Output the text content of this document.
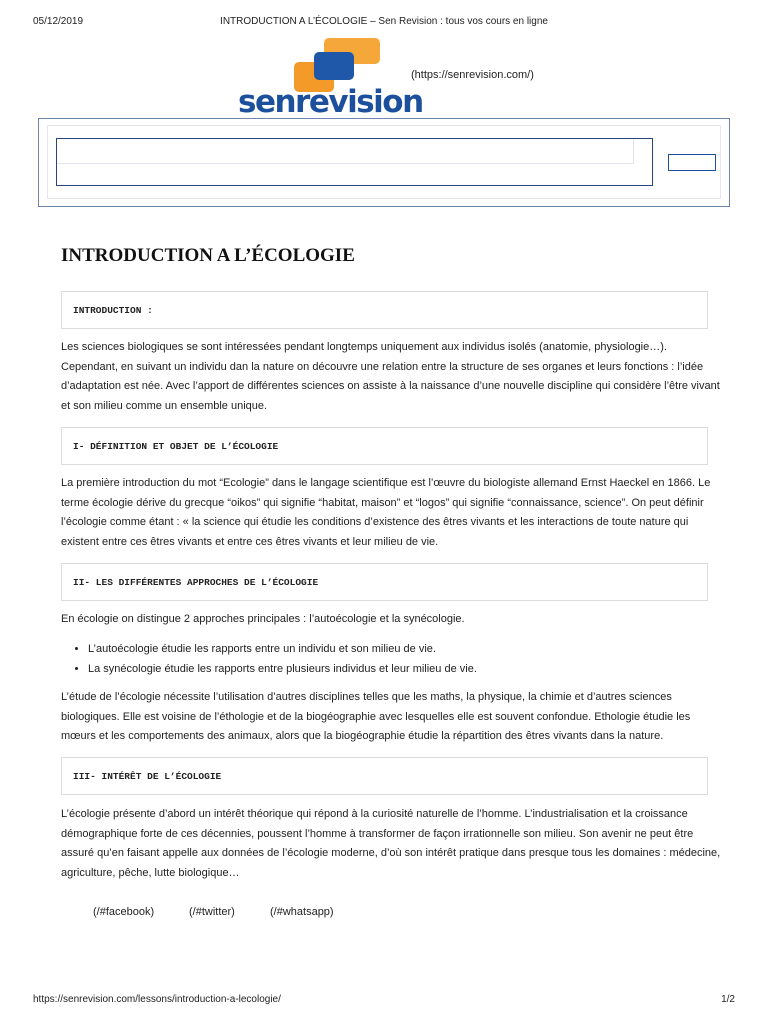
05/12/2019	INTRODUCTION A L’ÉCOLOGIE – Sen Revision : tous vos cours en ligne
senrevision
(https://senrevision.com/)
INTRODUCTION A L’ÉCOLOGIE
INTRODUCTION :

Les sciences biologiques se sont intéressées pendant longtemps uniquement aux individus isolés (anatomie, physiologie…). Cependant, en suivant un individu dan la nature on découvre une relation entre la structure de ses organes et leurs fonctions : l’idée d’adaptation est née. Avec l’apport de différentes sciences on assiste à la naissance d’une nouvelle discipline qui considère l’être vivant et son milieu comme un ensemble unique.

I- DÉFINITION ET OBJET DE L’ÉCOLOGIE

La première introduction du mot “Ecologie” dans le langage scientifique est l’œuvre du biologiste allemand Ernst Haeckel en 1866. Le terme écologie dérive du grecque “oikos” qui signifie “habitat, maison” et “logos” qui signifie “connaissance, science”. On peut définir l’écologie comme étant : « la science qui étudie les conditions d’existence des êtres vivants et les interactions de toute nature qui existent entre ces êtres vivants et entre ces êtres vivants et leur milieu de vie.

II- LES DIFFÉRENTES APPROCHES DE L’ÉCOLOGIE

En écologie on distingue 2 approches principales : l’autoécologie et la synécologie.

• L’autoécologie étudie les rapports entre un individu et son milieu de vie.
• La synécologie étudie les rapports entre plusieurs individus et leur milieu de vie.

L’étude de l’écologie nécessite l’utilisation d’autres disciplines telles que les maths, la physique, la chimie et d’autres sciences biologiques. Elle est voisine de l’éthologie et de la biogéographie avec lesquelles elle est souvent confondue. Ethologie étudie les mœurs et les comportements des animaux, alors que la biogéographie étudie la répartition des êtres vivants dans la nature.

III- INTÉRÊT DE L’ÉCOLOGIE

L’écologie présente d’abord un intérêt théorique qui répond à la curiosité naturelle de l’homme. L’industrialisation et la croissance démographique forte de ces décennies, poussent l’homme à transformer de façon irrationnelle son milieu. Son avenir ne peut être assuré qu’en faisant appelle aux données de l’écologie moderne, d’où son intérêt pratique dans presque tous les domaines : médecine, agriculture, pêche, lutte biologique…

(/#facebook)	(/#twitter)	(/#whatsapp)
https://senrevision.com/lessons/introduction-a-lecologie/	1/2
